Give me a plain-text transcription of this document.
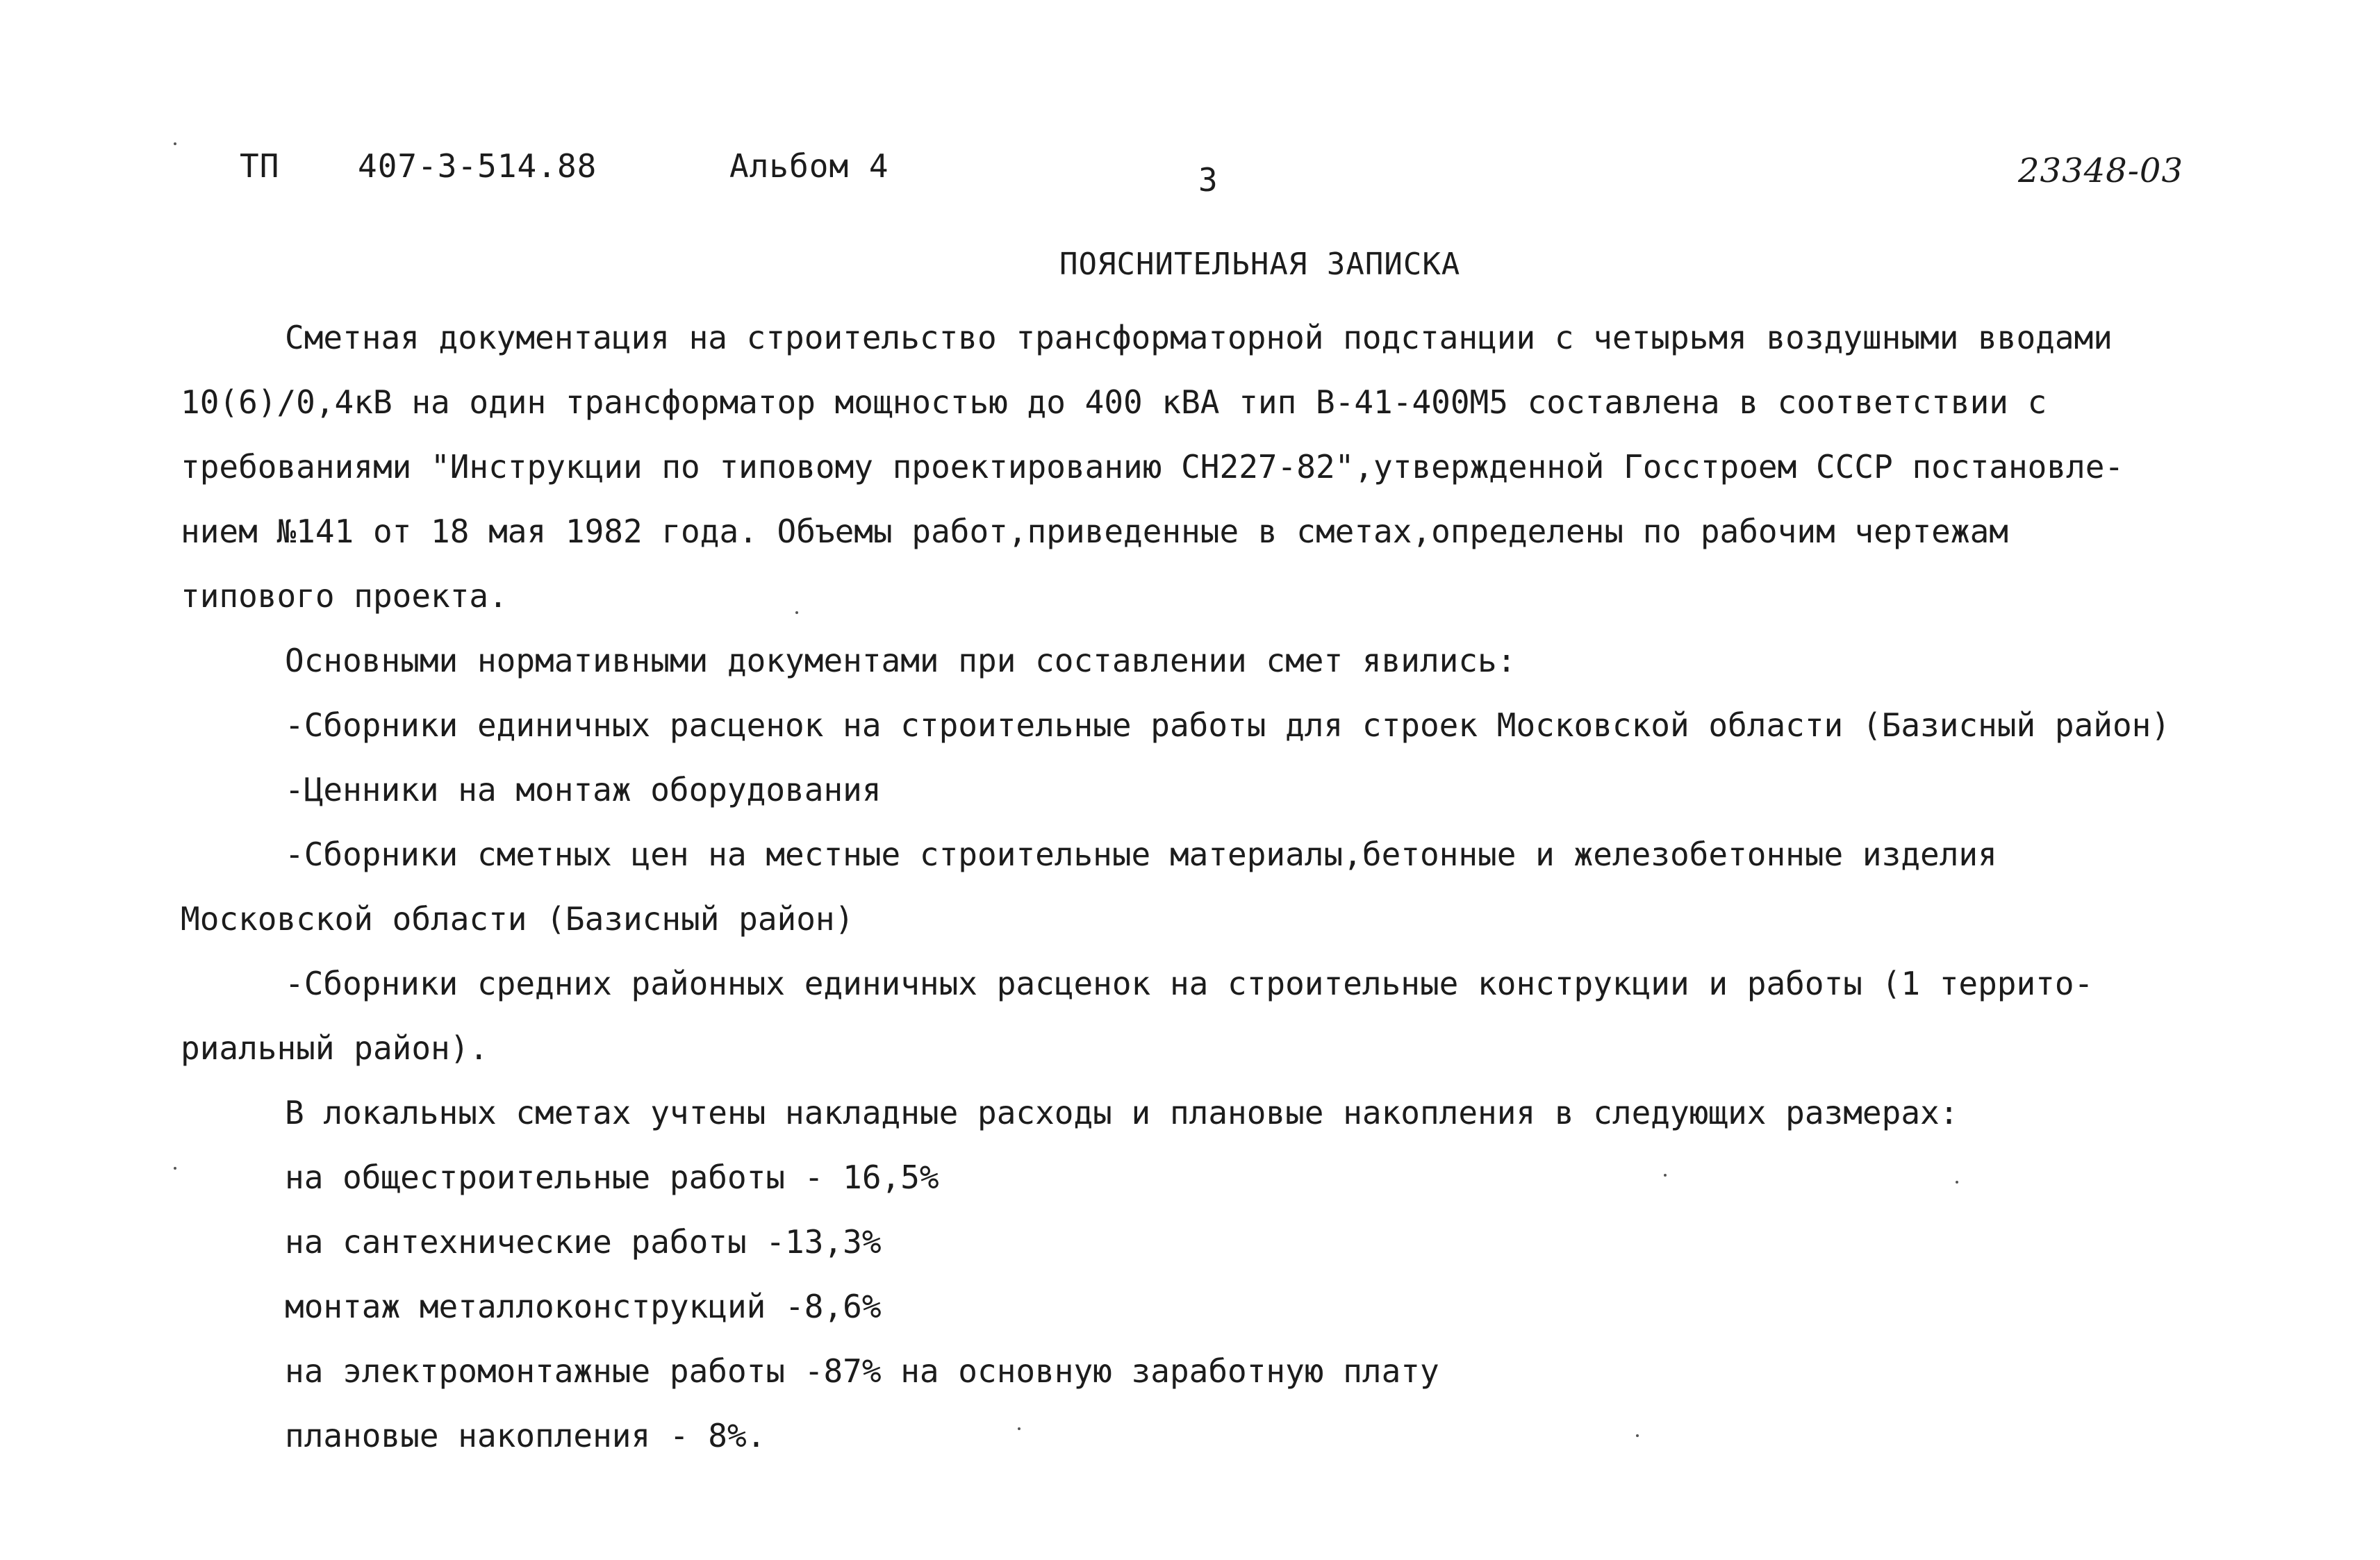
ТП 407-3-514.88	Альбом 4	3	23348-03
ПОЯСНИТЕЛЬНАЯ ЗАПИСКА
Сметная документация на строительство трансформаторной подстанции с четырьмя воздушными вводами
10(6)/0,4кВ на один трансформатор мощностью до 400 кВА тип В-41-400М5 составлена в соответствии с
требованиями "Инструкции по типовому проектированию СН227-82",утвержденной Госстроем СССР постановле-
нием №141 от 18 мая 1982 года. Объемы работ,приведенные в сметах,определены по рабочим чертежам
типового проекта.
Основными нормативными документами при составлении смет явились:
-Сборники единичных расценок на строительные работы для строек Московской области (Базисный район)
-Ценники на монтаж оборудования
-Сборники сметных цен на местные строительные материалы,бетонные и железобетонные изделия
Московской области (Базисный район)
-Сборники средних районных единичных расценок на строительные конструкции и работы (1 террито-
риальный район).
В локальных сметах учтены накладные расходы и плановые накопления в следующих размерах:
на общестроительные работы - 16,5%
на сантехнические работы -13,3%
монтаж металлоконструкций -8,6%
на электромонтажные работы -87% на основную заработную плату
плановые накопления - 8%.
